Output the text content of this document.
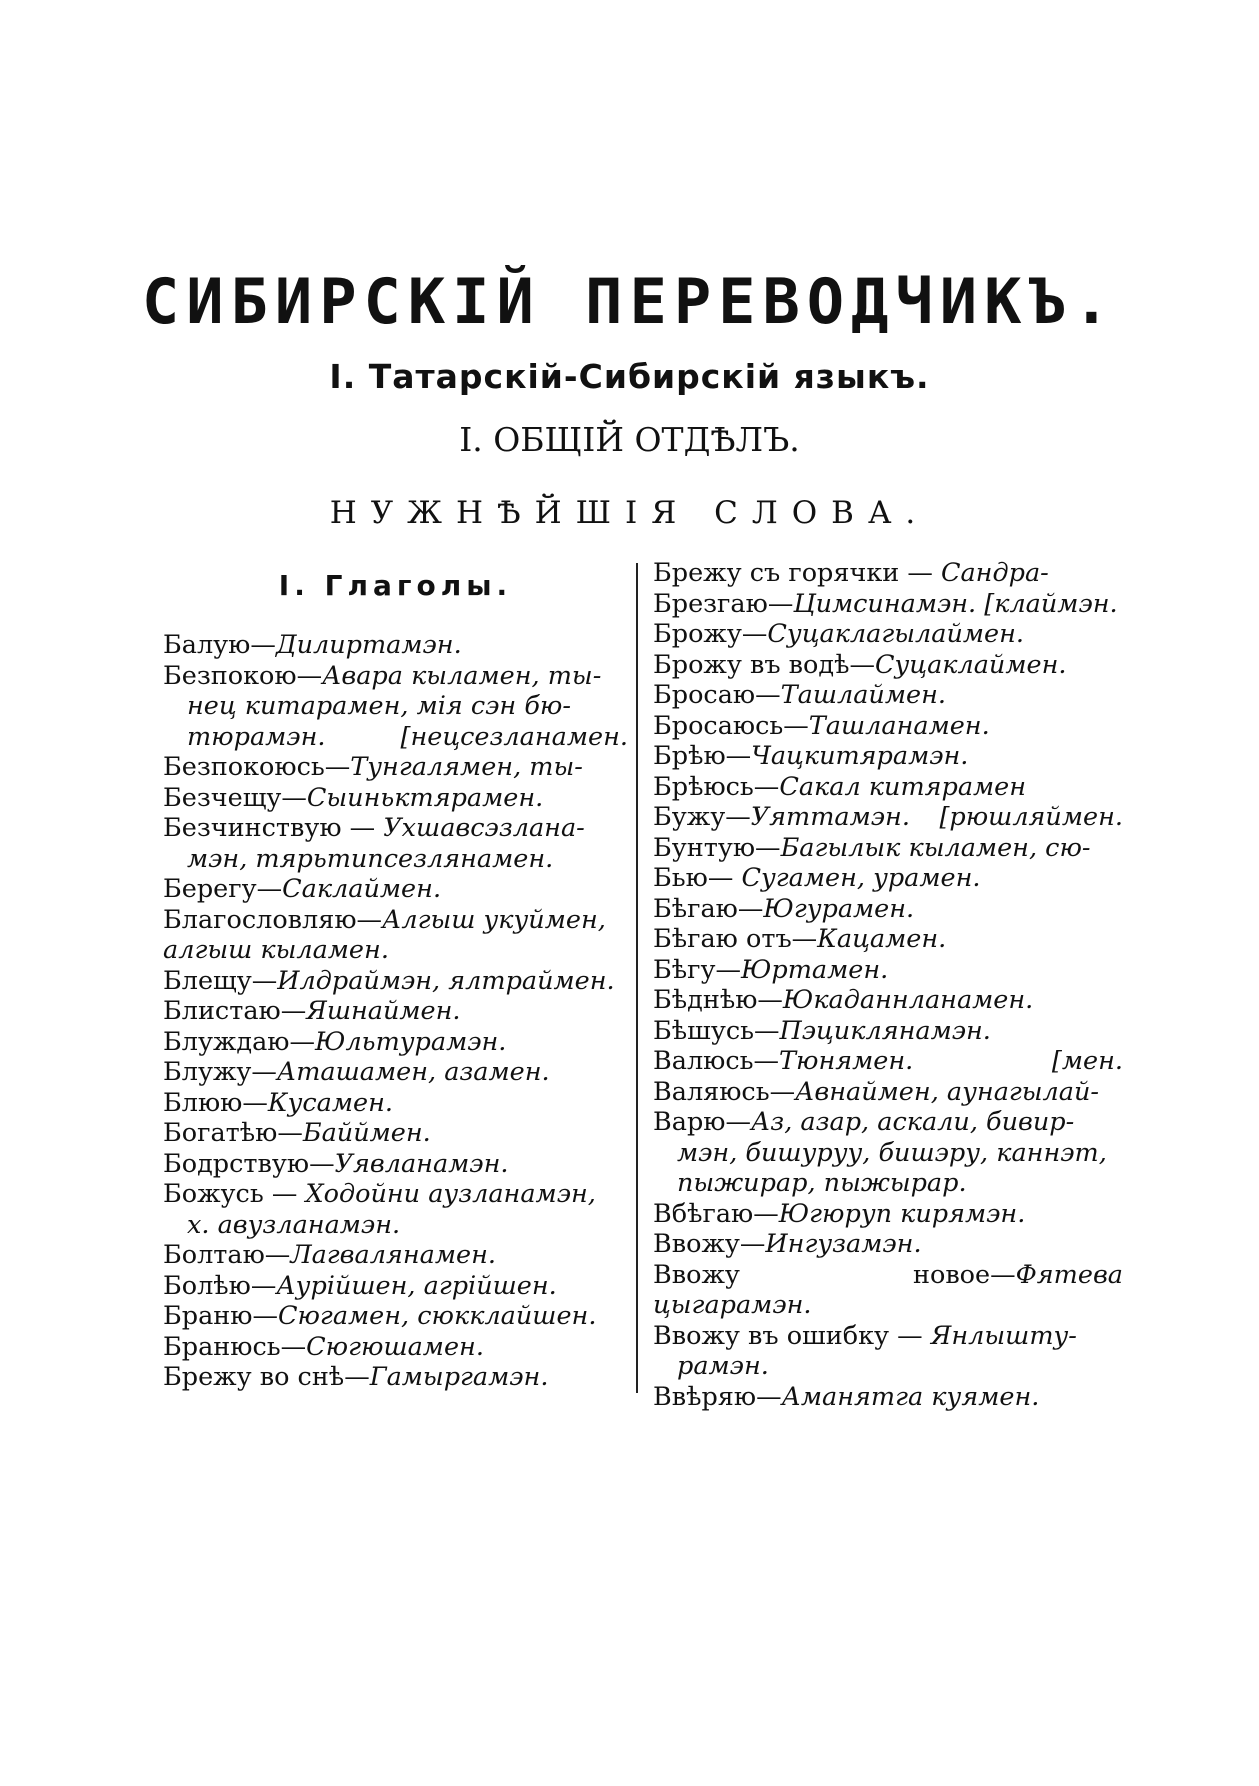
СИБИРСКІЙ ПЕРЕВОДЧИКЪ.
I. Татарскій-Сибирскій языкъ.
I. ОБЩІЙ ОТДѢЛЪ.
НУЖНѢЙШІЯ СЛОВА.
I. Глаголы.
Балую—Дилиртамэн.
Безпокою—Авара кыламен, ты-
нец китарамен, мія сэн бю-
тюрамэн.	[нецсезланамен.
Безпокоюсь—Тунгалямен, ты-
Безчещу—Сыиньктярамен.
Безчинствую — Ухшавсэзлана-
мэн, тярьтипсезлянамен.
Берегу—Саклаймен.
Благословляю—Алгыш укуймен,
алгыш кыламен.
Блещу—Илдраймэн, ялтраймен.
Блистаю—Яшнаймен.
Блуждаю—Юльтурамэн.
Блужу—Аташамен, азамен.
Блюю—Кусамен.
Богатѣю—Байймен.
Бодрствую—Уявланамэн.
Божусь — Ходойни аузланамэн,
х. авузланамэн.
Болтаю—Лагвалянамен.
Болѣю—Аурійшен, агрійшен.
Браню—Сюгамен, сюкклайшен.
Бранюсь—Сюгюшамен.
Брежу во снѣ—Гамыргамэн.
Брежу съ горячки — Сандра-
Брезгаю—Цимсинамэн. [клаймэн.
Брожу—Суцаклагылаймен.
Брожу въ водѣ—Суцаклаймен.
Бросаю—Ташлаймен.
Бросаюсь—Ташланамен.
Брѣю—Чацкитярамэн.
Брѣюсь—Сакал китярамен
Бужу—Уяттамэн. [рюшляймен.
Бунтую—Багылык кыламен, сю-
Бью— Сугамен, урамен.
Бѣгаю—Югурамен.
Бѣгаю отъ—Кацамен.
Бѣгу—Юртамен.
Бѣднѣю—Юкаданнланамен.
Бѣшусь—Пэциклянамэн.
Валюсь—Тюнямен.	[мен.
Валяюсь—Авнаймен, аунагылай-
Варю—Аз, азар, аскали, бивир-
мэн, бишуруу, бишэру, каннэт,
пыжирар, пыжырар.
Вбѣгаю—Югюруп кирямэн.
Ввожу—Ингузамэн.
Ввожу новое—Фятева цыгарамэн.
Ввожу въ ошибку — Янлышту-
рамэн.
Ввѣряю—Аманятга куямен.
